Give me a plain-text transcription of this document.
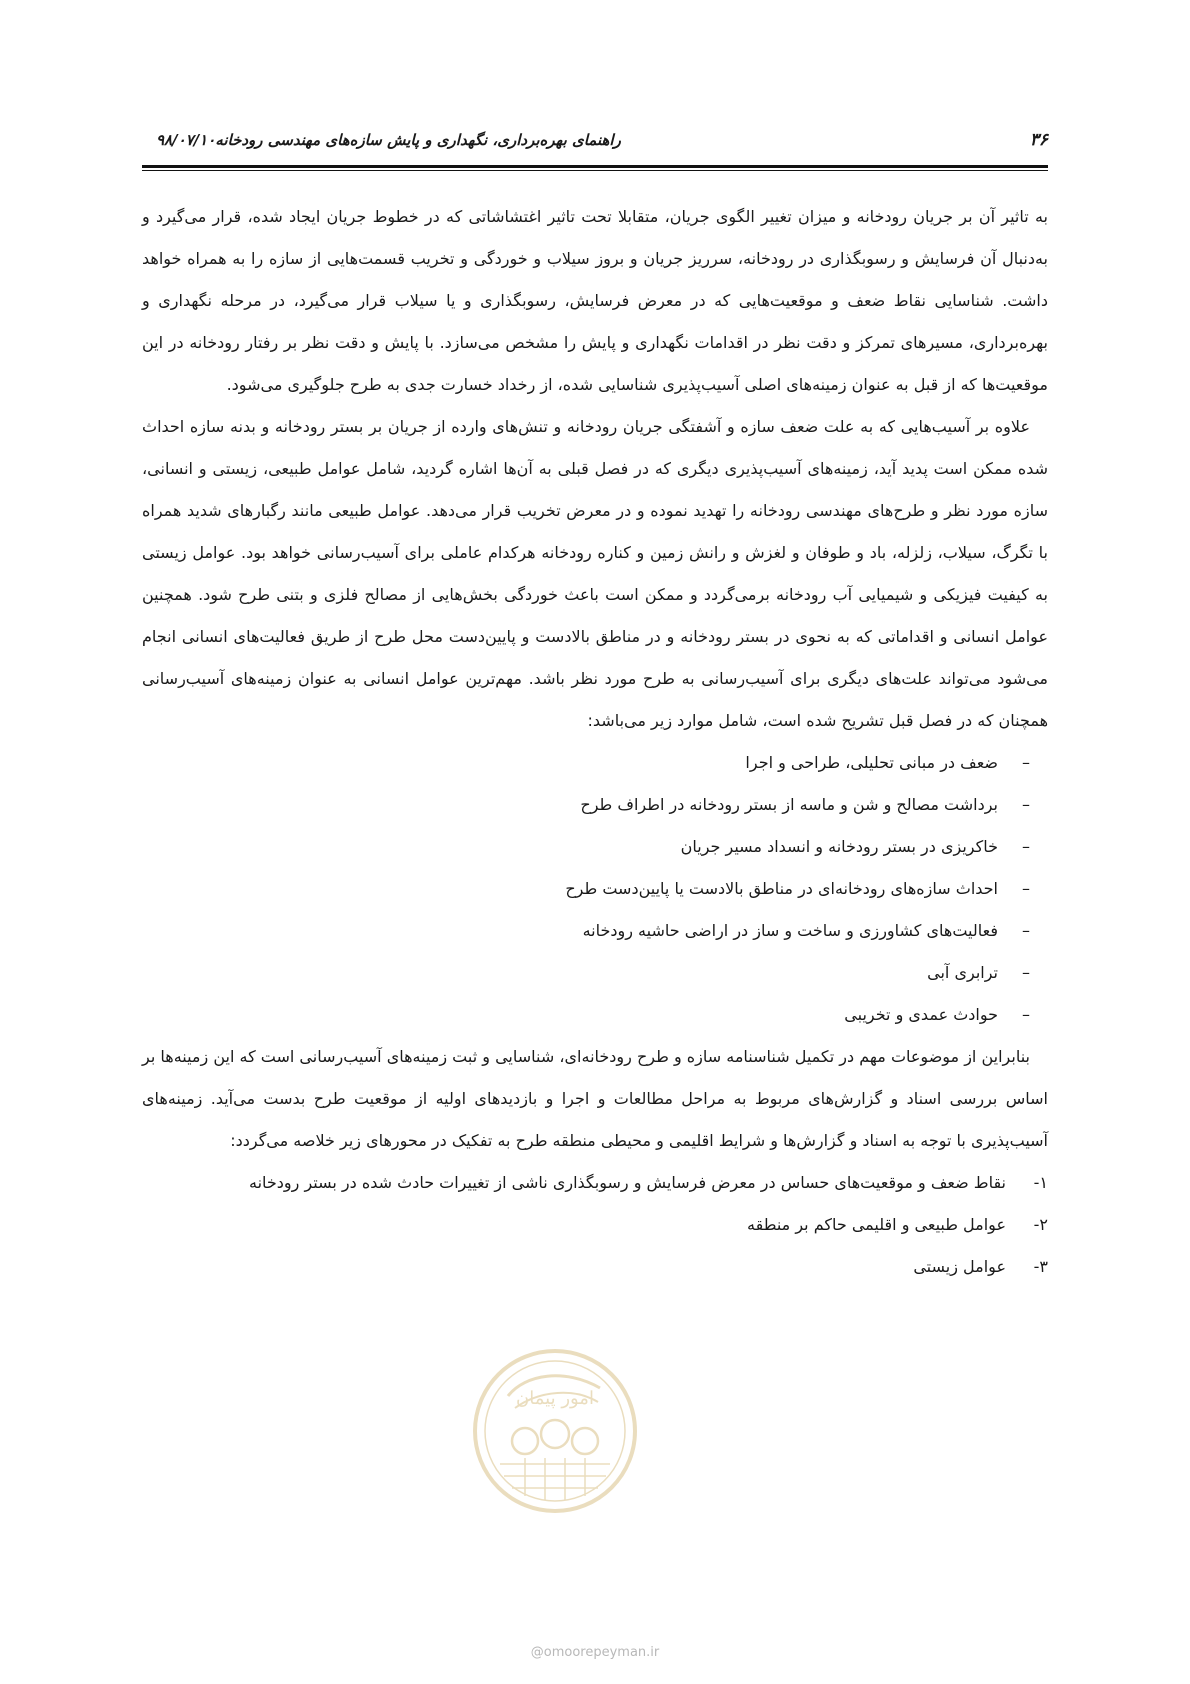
۳۶
راهنمای بهره‌برداری، نگهداری و پایش سازه‌های مهندسی رودخانه۹۸/۰۷/۱۰

به تاثیر آن بر جریان رودخانه و میزان تغییر الگوی جریان، متقابلا تحت تاثیر اغتشاشاتی که در خطوط جریان ایجاد شده، قرار می‌گیرد و به‌دنبال آن فرسایش و رسوبگذاری در رودخانه، سرریز جریان و بروز سیلاب و خوردگی و تخریب قسمت‌هایی از سازه را به همراه خواهد داشت. شناسایی نقاط ضعف و موقعیت‌هایی که در معرض فرسایش، رسوبگذاری و یا سیلاب قرار می‌گیرد، در مرحله نگهداری و بهره‌برداری، مسیرهای تمرکز و دقت نظر در اقدامات نگهداری و پایش را مشخص می‌سازد. با پایش و دقت نظر بر رفتار رودخانه در این موقعیت‌ها که از قبل به عنوان زمینه‌های اصلی آسیب‌پذیری شناسایی شده، از رخداد خسارت جدی به طرح جلوگیری می‌شود.

علاوه بر آسیب‌هایی که به علت ضعف سازه و آشفتگی جریان رودخانه و تنش‌های وارده از جریان بر بستر رودخانه و بدنه سازه احداث شده ممکن است پدید آید، زمینه‌های آسیب‌پذیری دیگری که در فصل قبلی به آن‌ها اشاره گردید، شامل عوامل طبیعی، زیستی و انسانی، سازه مورد نظر و طرح‌های مهندسی رودخانه را تهدید نموده و در معرض تخریب قرار می‌دهد. عوامل طبیعی مانند رگبارهای شدید همراه با تگرگ، سیلاب، زلزله، باد و طوفان و لغزش و رانش زمین و کناره رودخانه هرکدام عاملی برای آسیب‌رسانی خواهد بود. عوامل زیستی به کیفیت فیزیکی و شیمیایی آب رودخانه برمی‌گردد و ممکن است باعث خوردگی بخش‌هایی از مصالح فلزی و بتنی طرح شود. همچنین عوامل انسانی و اقداماتی که به نحوی در بستر رودخانه و در مناطق بالادست و پایین‌دست محل طرح از طریق فعالیت‌های انسانی انجام می‌شود می‌تواند علت‌های دیگری برای آسیب‌رسانی به طرح مورد نظر باشد. مهم‌ترین عوامل انسانی به عنوان زمینه‌های آسیب‌رسانی همچنان که در فصل قبل تشریح شده است، شامل موارد زیر می‌باشد:

–
ضعف در مبانی تحلیلی، طراحی و اجرا
–
برداشت مصالح و شن و ماسه از بستر رودخانه در اطراف طرح
–
خاکریزی در بستر رودخانه و انسداد مسیر جریان
–
احداث سازه‌های رودخانه‌ای در مناطق بالادست یا پایین‌دست طرح
–
فعالیت‌های کشاورزی و ساخت و ساز در اراضی حاشیه رودخانه
–
ترابری آبی
–
حوادث عمدی و تخریبی

بنابراین از موضوعات مهم در تکمیل شناسنامه سازه و طرح رودخانه‌ای، شناسایی و ثبت زمینه‌های آسیب‌رسانی است که این زمینه‌ها بر اساس بررسی اسناد و گزارش‌های مربوط به مراحل مطالعات و اجرا و بازدیدهای اولیه از موقعیت طرح بدست می‌آید. زمینه‌های آسیب‌پذیری با توجه به اسناد و گزارش‌ها و شرایط اقلیمی و محیطی منطقه طرح به تفکیک در محورهای زیر خلاصه می‌گردد:

۱-
نقاط ضعف و موقعیت‌های حساس در معرض فرسایش و رسوبگذاری ناشی از تغییرات حادث شده در بستر رودخانه
۲-
عوامل طبیعی و اقلیمی حاکم بر منطقه
۳-
عوامل زیستی
امور پیمان
@omoorepeyman.ir
